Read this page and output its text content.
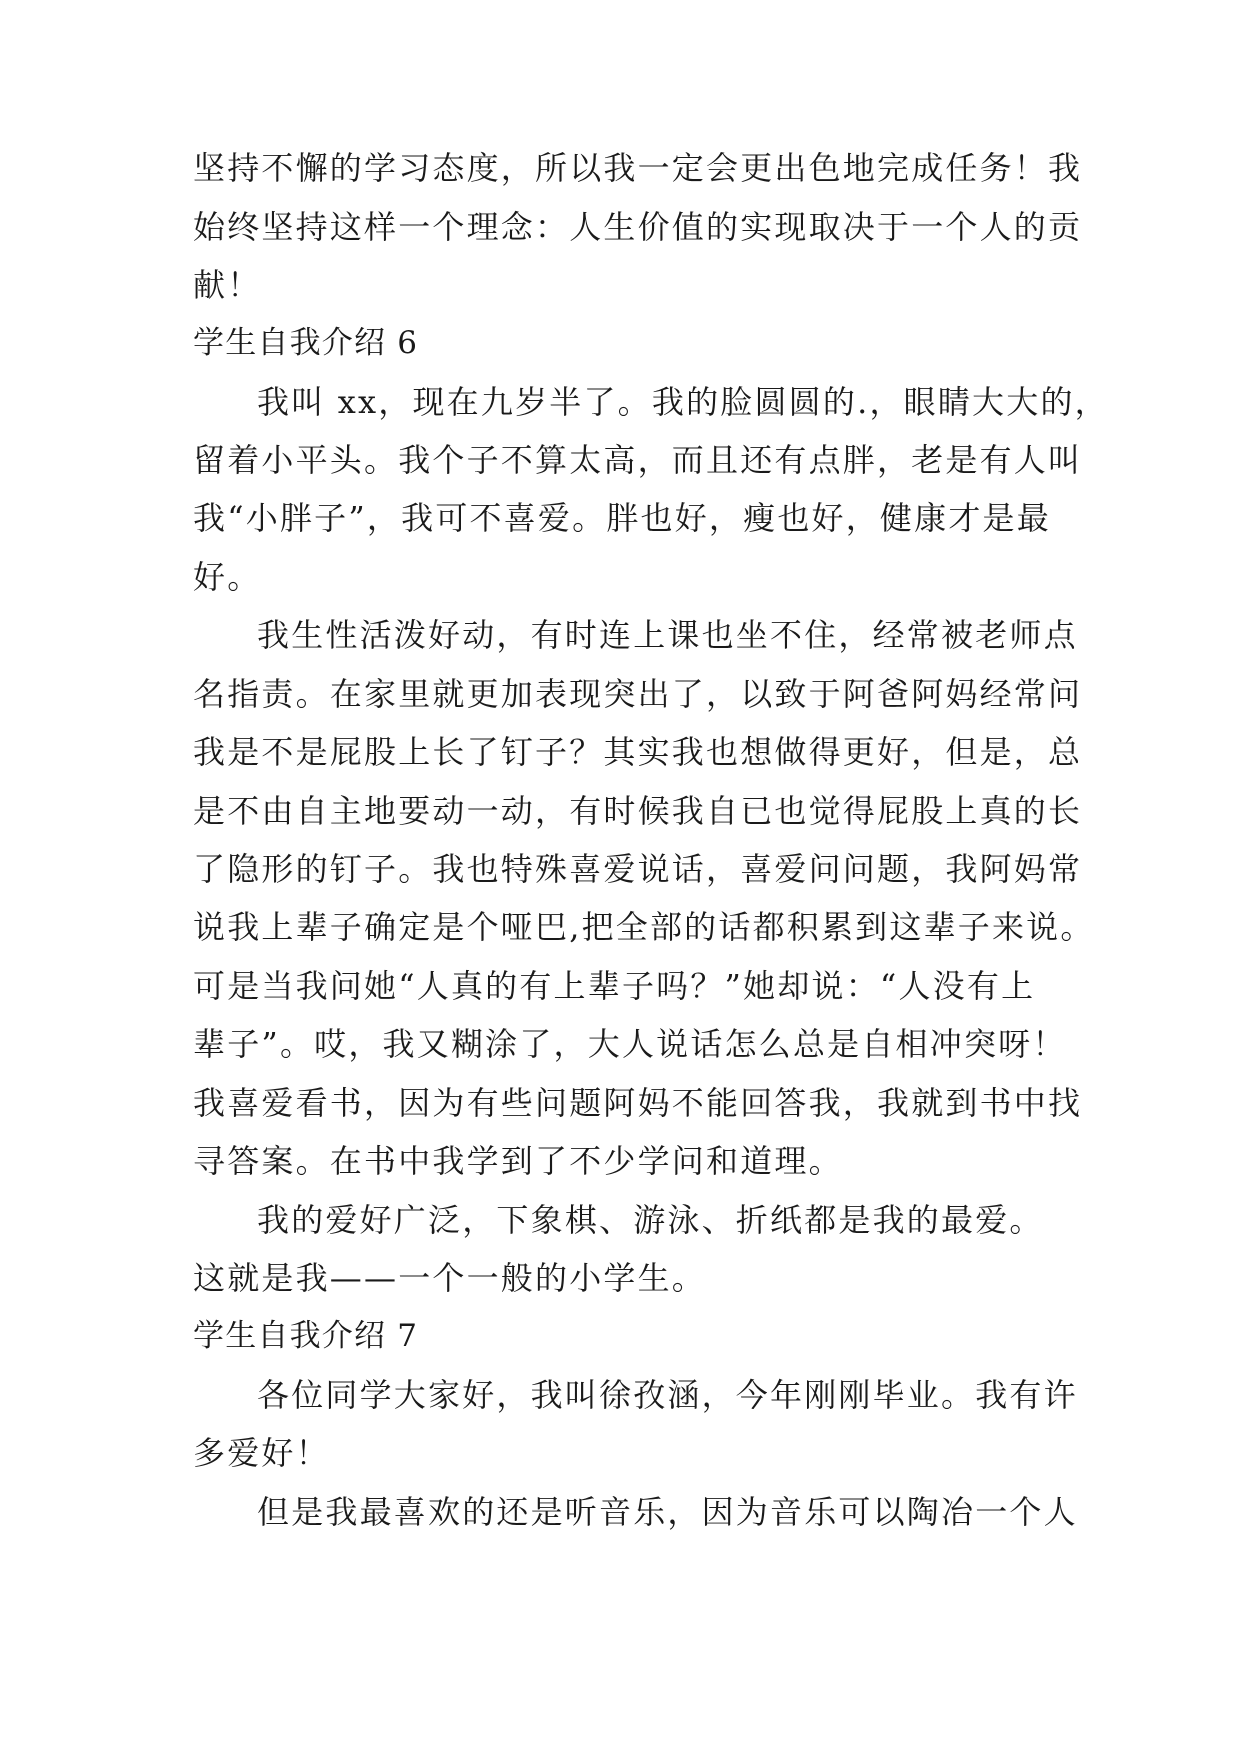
坚持不懈的学习态度，所以我一定会更出色地完成任务！我
始终坚持这样一个理念：人生价值的实现取决于一个人的贡
献！
学生自我介绍 6
我叫 xx，现在九岁半了。我的脸圆圆的.，眼睛大大的，
留着小平头。我个子不算太高，而且还有点胖，老是有人叫
我“小胖子”，我可不喜爱。胖也好，瘦也好，健康才是最
好。
我生性活泼好动，有时连上课也坐不住，经常被老师点
名指责。在家里就更加表现突出了，以致于阿爸阿妈经常问
我是不是屁股上长了钉子？其实我也想做得更好，但是，总
是不由自主地要动一动，有时候我自已也觉得屁股上真的长
了隐形的钉子。我也特殊喜爱说话，喜爱问问题，我阿妈常
说我上辈子确定是个哑巴,把全部的话都积累到这辈子来说。
可是当我问她“人真的有上辈子吗？”她却说：“人没有上
辈子”。哎，我又糊涂了，大人说话怎么总是自相冲突呀！
我喜爱看书，因为有些问题阿妈不能回答我，我就到书中找
寻答案。在书中我学到了不少学问和道理。
我的爱好广泛，下象棋、游泳、折纸都是我的最爱。
这就是我——一个一般的小学生。
学生自我介绍 7
各位同学大家好，我叫徐孜涵，今年刚刚毕业。我有许
多爱好！
但是我最喜欢的还是听音乐，因为音乐可以陶冶一个人
